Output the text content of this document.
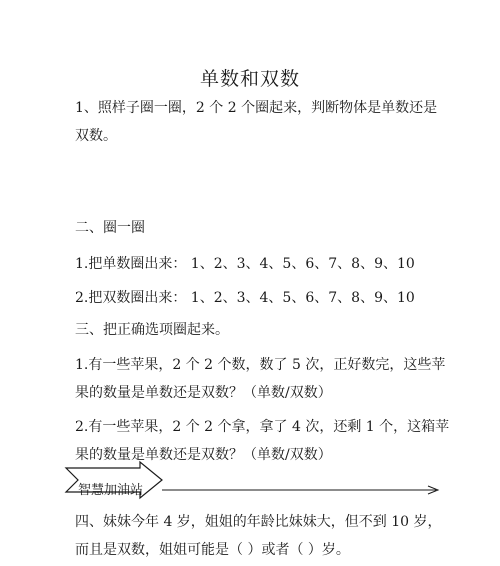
单数和双数
1、照样子圈一圈，2 个 2 个圈起来，判断物体是单数还是
双数。
二、圈一圈
1.把单数圈出来： 1、2、3、4、5、6、7、8、9、10
2.把双数圈出来： 1、2、3、4、5、6、7、8、9、10
三、把正确选项圈起来。
1.有一些苹果，2 个 2 个数，数了 5 次，正好数完，这些苹
果的数量是单数还是双数？（单数/双数）
2.有一些苹果，2 个 2 个拿，拿了 4 次，还剩 1 个，这箱苹
果的数量是单数还是双数？（单数/双数）
智慧加油站
四、妹妹今年 4 岁，姐姐的年龄比妹妹大，但不到 10 岁，
而且是双数，姐姐可能是（ ）或者（ ）岁。
